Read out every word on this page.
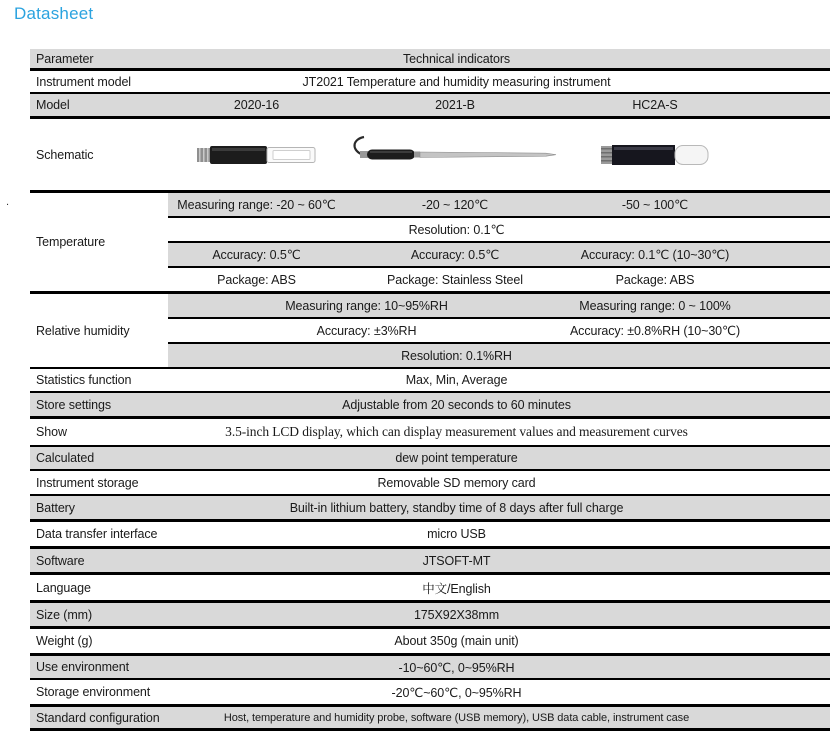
Datasheet
.
Parameter	Technical indicators
Instrument model	JT2021 Temperature and humidity measuring instrument
Model	2020-16	2021-B	HC2A-S
Schematic
Temperature
Measuring range: -20 ~ 60℃	-20 ~ 120℃	-50 ~ 100℃
Resolution: 0.1℃
Accuracy: 0.5℃	Accuracy: 0.5℃	Accuracy: 0.1℃ (10~30℃)
Package: ABS	Package: Stainless Steel	Package: ABS
Relative humidity
Measuring range: 10~95%RH	Measuring range: 0 ~ 100%
Accuracy: ±3%RH	Accuracy: ±0.8%RH (10~30℃)
Resolution: 0.1%RH
Statistics function	Max, Min, Average
Store settings	Adjustable from 20 seconds to 60 minutes
Show	3.5-inch LCD display, which can display measurement values and measurement curves
Calculated	dew point temperature
Instrument storage	Removable SD memory card
Battery	Built-in lithium battery, standby time of 8 days after full charge
Data transfer interface	micro USB
Software	JTSOFT-MT
Language	中文/English
Size (mm)	175X92X38mm
Weight (g)	About 350g (main unit)
Use environment	-10~60℃, 0~95%RH
Storage environment	-20℃~60℃, 0~95%RH
Standard configuration	Host, temperature and humidity probe, software (USB memory), USB data cable, instrument case
